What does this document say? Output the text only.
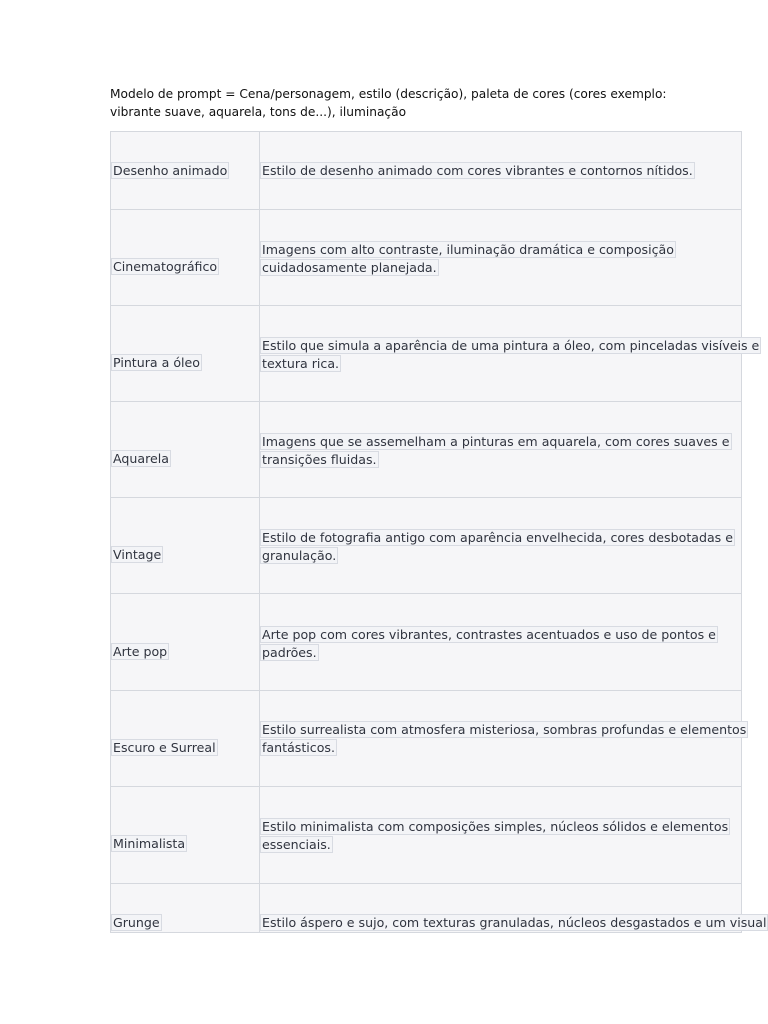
Modelo de prompt = Cena/personagem, estilo (descrição), paleta de cores (cores exemplo:
vibrante suave, aquarela, tons de...), iluminação
Desenho animado	Estilo de desenho animado com cores vibrantes e contornos nítidos.
Cinematográfico
Imagens com alto contraste, iluminação dramática e composição
cuidadosamente planejada.
Pintura a óleo
Estilo que simula a aparência de uma pintura a óleo, com pinceladas visíveis e
textura rica.
Aquarela
Imagens que se assemelham a pinturas em aquarela, com cores suaves e
transições fluidas.
Vintage
Estilo de fotografia antigo com aparência envelhecida, cores desbotadas e
granulação.
Arte pop
Arte pop com cores vibrantes, contrastes acentuados e uso de pontos e
padrões.
Escuro e Surreal
Estilo surrealista com atmosfera misteriosa, sombras profundas e elementos
fantásticos.
Minimalista
Estilo minimalista com composições simples, núcleos sólidos e elementos
essenciais.
Grunge	Estilo áspero e sujo, com texturas granuladas, núcleos desgastados e um visual
